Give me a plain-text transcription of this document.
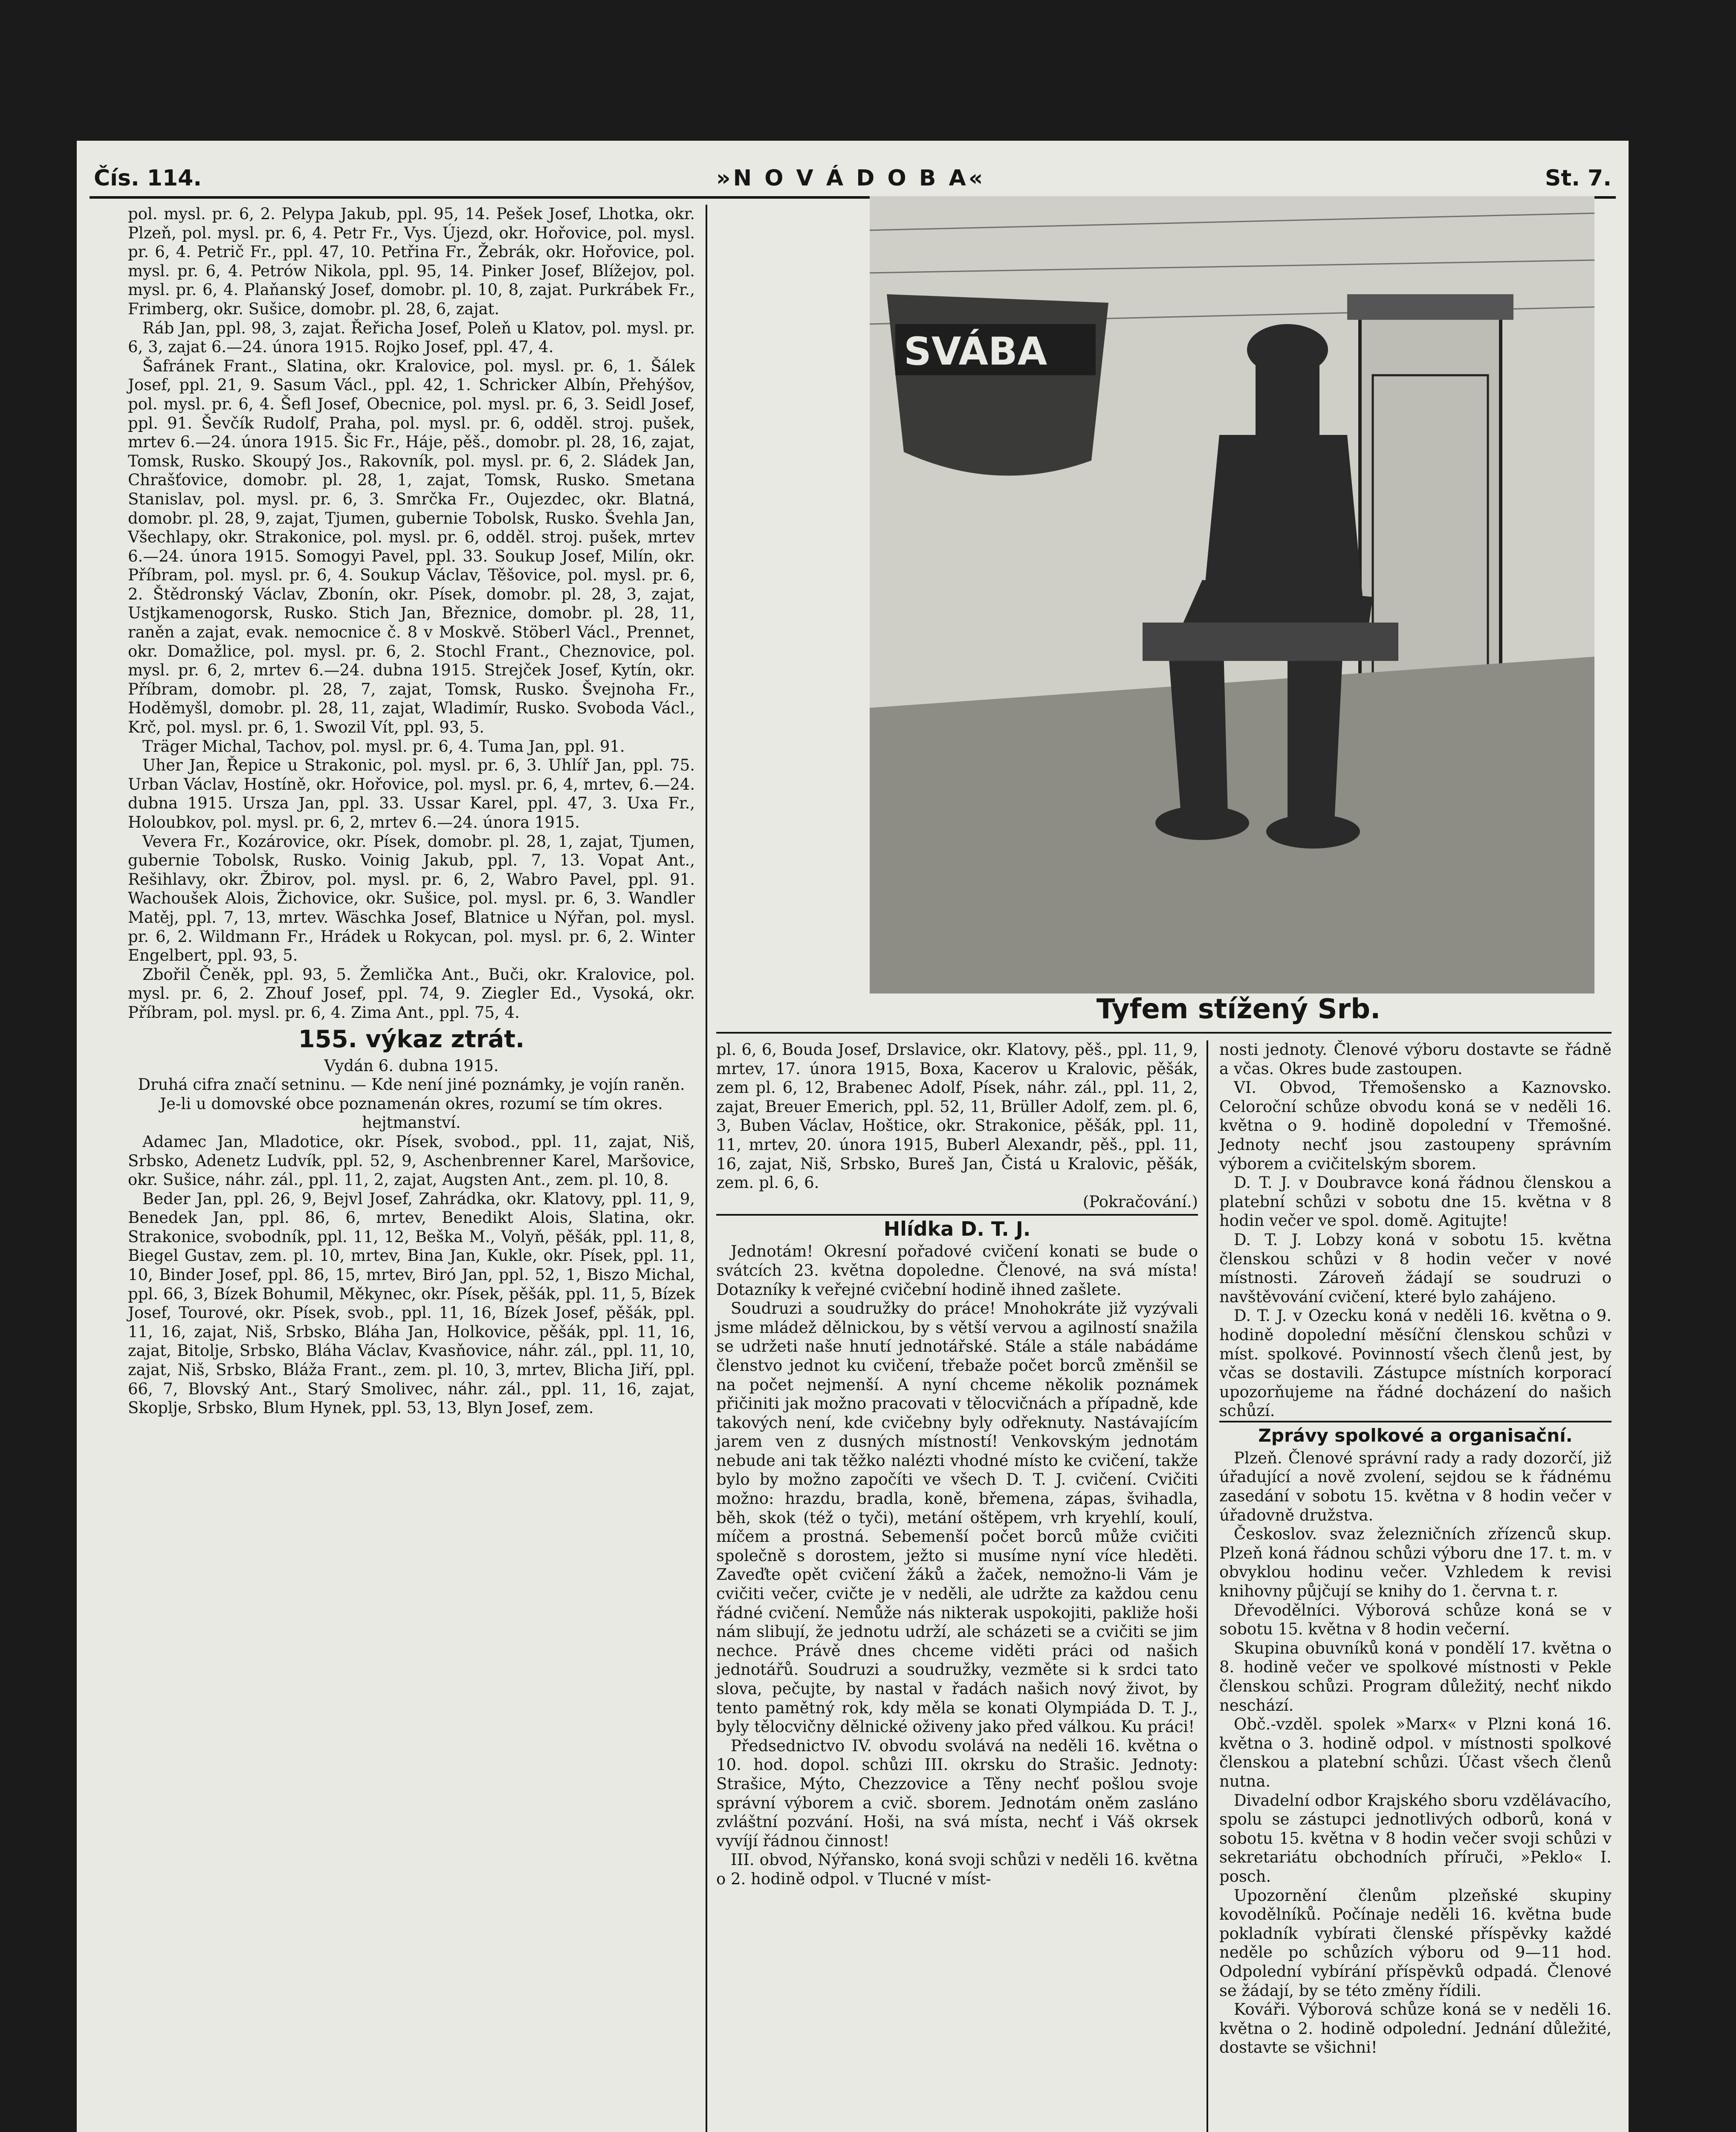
Čís. 114.	»N O V Á D O B A«	St. 7.

pol. mysl. pr. 6, 2. Pelypa Jakub, ppl. 95, 14. Pešek Josef, Lhotka, okr. Plzeň, pol. mysl. pr. 6, 4. Petr Fr., Vys. Újezd, okr. Hořovice, pol. mysl. pr. 6, 4. Petrič Fr., ppl. 47, 10. Petřina Fr., Žebrák, okr. Hořovice, pol. mysl. pr. 6, 4. Petrów Nikola, ppl. 95, 14. Pinker Josef, Blížejov, pol. mysl. pr. 6, 4. Plaňanský Josef, domobr. pl. 10, 8, zajat. Purkrábek Fr., Frimberg, okr. Sušice, domobr. pl. 28, 6, zajat.

Ráb Jan, ppl. 98, 3, zajat. Řeřicha Josef, Poleň u Klatov, pol. mysl. pr. 6, 3, zajat 6.—24. února 1915. Rojko Josef, ppl. 47, 4.

Šafránek Frant., Slatina, okr. Kralovice, pol. mysl. pr. 6, 1. Šálek Josef, ppl. 21, 9. Sasum Václ., ppl. 42, 1. Schricker Albín, Přehýšov, pol. mysl. pr. 6, 4. Šefl Josef, Obecnice, pol. mysl. pr. 6, 3. Seidl Josef, ppl. 91. Ševčík Rudolf, Praha, pol. mysl. pr. 6, odděl. stroj. pušek, mrtev 6.—24. února 1915. Šic Fr., Háje, pěš., domobr. pl. 28, 16, zajat, Tomsk, Rusko. Skoupý Jos., Rakovník, pol. mysl. pr. 6, 2. Sládek Jan, Chrašťovice, domobr. pl. 28, 1, zajat, Tomsk, Rusko. Smetana Stanislav, pol. mysl. pr. 6, 3. Smrčka Fr., Oujezdec, okr. Blatná, domobr. pl. 28, 9, zajat, Tjumen, gubernie Tobolsk, Rusko. Švehla Jan, Všechlapy, okr. Strakonice, pol. mysl. pr. 6, odděl. stroj. pušek, mrtev 6.—24. února 1915. Somogyi Pavel, ppl. 33. Soukup Josef, Milín, okr. Příbram, pol. mysl. pr. 6, 4. Soukup Václav, Těšovice, pol. mysl. pr. 6, 2. Štědronský Václav, Zbonín, okr. Písek, domobr. pl. 28, 3, zajat, Ustjkamenogorsk, Rusko. Stich Jan, Březnice, domobr. pl. 28, 11, raněn a zajat, evak. nemocnice č. 8 v Moskvě. Stöberl Václ., Prennet, okr. Domažlice, pol. mysl. pr. 6, 2. Stochl Frant., Cheznovice, pol. mysl. pr. 6, 2, mrtev 6.—24. dubna 1915. Strejček Josef, Kytín, okr. Příbram, domobr. pl. 28, 7, zajat, Tomsk, Rusko. Švejnoha Fr., Hoděmyšl, domobr. pl. 28, 11, zajat, Wladimír, Rusko. Svoboda Václ., Krč, pol. mysl. pr. 6, 1. Swozil Vít, ppl. 93, 5.

Träger Michal, Tachov, pol. mysl. pr. 6, 4. Tuma Jan, ppl. 91.

Uher Jan, Řepice u Strakonic, pol. mysl. pr. 6, 3. Uhlíř Jan, ppl. 75. Urban Václav, Hostíně, okr. Hořovice, pol. mysl. pr. 6, 4, mrtev, 6.—24. dubna 1915. Ursza Jan, ppl. 33. Ussar Karel, ppl. 47, 3. Uxa Fr., Holoubkov, pol. mysl. pr. 6, 2, mrtev 6.—24. února 1915.

Vevera Fr., Kozárovice, okr. Písek, domobr. pl. 28, 1, zajat, Tjumen, gubernie Tobolsk, Rusko. Voinig Jakub, ppl. 7, 13. Vopat Ant., Rešihlavy, okr. Žbirov, pol. mysl. pr. 6, 2, Wabro Pavel, ppl. 91. Wachoušek Alois, Žichovice, okr. Sušice, pol. mysl. pr. 6, 3. Wandler Matěj, ppl. 7, 13, mrtev. Wäschka Josef, Blatnice u Nýřan, pol. mysl. pr. 6, 2. Wildmann Fr., Hrádek u Rokycan, pol. mysl. pr. 6, 2. Winter Engelbert, ppl. 93, 5.

Zbořil Čeněk, ppl. 93, 5. Žemlička Ant., Buči, okr. Kralovice, pol. mysl. pr. 6, 2. Zhouf Josef, ppl. 74, 9. Ziegler Ed., Vysoká, okr. Příbram, pol. mysl. pr. 6, 4. Zima Ant., ppl. 75, 4.

155. výkaz ztrát.

Vydán 6. dubna 1915.

Druhá cifra značí setninu. — Kde není jiné poznámky, je vojín raněn.

Je-li u domovské obce poznamenán okres, rozumí se tím okres. hejtmanství.

Adamec Jan, Mladotice, okr. Písek, svobod., ppl. 11, zajat, Niš, Srbsko, Adenetz Ludvík, ppl. 52, 9, Aschenbrenner Karel, Maršovice, okr. Sušice, náhr. zál., ppl. 11, 2, zajat, Augsten Ant., zem. pl. 10, 8.

Beder Jan, ppl. 26, 9, Bejvl Josef, Zahrádka, okr. Klatovy, ppl. 11, 9, Benedek Jan, ppl. 86, 6, mrtev, Benedikt Alois, Slatina, okr. Strakonice, svobodník, ppl. 11, 12, Beška M., Volyň, pěšák, ppl. 11, 8, Biegel Gustav, zem. pl. 10, mrtev, Bina Jan, Kukle, okr. Písek, ppl. 11, 10, Binder Josef, ppl. 86, 15, mrtev, Biró Jan, ppl. 52, 1, Biszo Michal, ppl. 66, 3, Bízek Bohumil, Měkynec, okr. Písek, pěšák, ppl. 11, 5, Bízek Josef, Tourové, okr. Písek, svob., ppl. 11, 16, Bízek Josef, pěšák, ppl. 11, 16, zajat, Niš, Srbsko, Bláha Jan, Holkovice, pěšák, ppl. 11, 16, zajat, Bitolje, Srbsko, Bláha Václav, Kvasňovice, náhr. zál., ppl. 11, 10, zajat, Niš, Srbsko, Bláža Frant., zem. pl. 10, 3, mrtev, Blicha Jiří, ppl. 66, 7, Blovský Ant., Starý Smolivec, náhr. zál., ppl. 11, 16, zajat, Skoplje, Srbsko, Blum Hynek, ppl. 53, 13, Blyn Josef, zem.

SVÁBA
Tyfem stížený Srb.

pl. 6, 6, Bouda Josef, Drslavice, okr. Klatovy, pěš., ppl. 11, 9, mrtev, 17. února 1915, Boxa, Kacerov u Kralovic, pěšák, zem pl. 6, 12, Brabenec Adolf, Písek, náhr. zál., ppl. 11, 2, zajat, Breuer Emerich, ppl. 52, 11, Brüller Adolf, zem. pl. 6, 3, Buben Václav, Hoštice, okr. Strakonice, pěšák, ppl. 11, 11, mrtev, 20. února 1915, Buberl Alexandr, pěš., ppl. 11, 16, zajat, Niš, Srbsko, Bureš Jan, Čistá u Kralovic, pěšák, zem. pl. 6, 6.

(Pokračování.)

Hlídka D. T. J.

Jednotám! Okresní pořadové cvičení konati se bude o svátcích 23. května dopoledne. Členové, na svá místa! Dotazníky k veřejné cvičební hodině ihned zašlete.

Soudruzi a soudružky do práce! Mnohokráte již vyzývali jsme mládež dělnickou, by s větší vervou a agilností snažila se udržeti naše hnutí jednotářské. Stále a stále nabádáme členstvo jednot ku cvičení, třebaže počet borců změnšil se na počet nejmenší. A nyní chceme několik poznámek přičiniti jak možno pracovati v tělocvičnách a případně, kde takových není, kde cvičebny byly odřeknuty. Nastávajícím jarem ven z dusných místností! Venkovským jednotám nebude ani tak těžko nalézti vhodné místo ke cvičení, takže bylo by možno započíti ve všech D. T. J. cvičení. Cvičiti možno: hrazdu, bradla, koně, břemena, zápas, švihadla, běh, skok (též o tyči), metání oštěpem, vrh kryehlí, koulí, míčem a prostná. Sebemenší počet borců může cvičiti společně s dorostem, ježto si musíme nyní více hleděti. Zaveďte opět cvičení žáků a žaček, nemožno-li Vám je cvičiti večer, cvičte je v neděli, ale udržte za každou cenu řádné cvičení. Nemůže nás nikterak uspokojiti, pakliže hoši nám slibují, že jednotu udrží, ale scházeti se a cvičiti se jim nechce. Právě dnes chceme viděti práci od našich jednotářů. Soudruzi a soudružky, vezměte si k srdci tato slova, pečujte, by nastal v řadách našich nový život, by tento pamětný rok, kdy měla se konati Olympiáda D. T. J., byly tělocvičny dělnické oživeny jako před válkou. Ku práci!

Předsednictvo IV. obvodu svolává na neděli 16. května o 10. hod. dopol. schůzi III. okrsku do Strašic. Jednoty: Strašice, Mýto, Chezzovice a Těny nechť pošlou svoje správní výborem a cvič. sborem. Jednotám oněm zasláno zvláštní pozvání. Hoši, na svá místa, nechť i Váš okrsek vyvíjí řádnou činnost!

III. obvod, Nýřansko, koná svoji schůzi v neděli 16. května o 2. hodině odpol. v Tlucné v míst-

nosti jednoty. Členové výboru dostavte se řádně a včas. Okres bude zastoupen.

VI. Obvod, Třemošensko a Kaznovsko. Celoroční schůze obvodu koná se v neděli 16. května o 9. hodině dopolední v Třemošné. Jednoty nechť jsou zastoupeny správním výborem a cvičitelským sborem.

D. T. J. v Doubravce koná řádnou členskou a platební schůzi v sobotu dne 15. května v 8 hodin večer ve spol. domě. Agitujte!

D. T. J. Lobzy koná v sobotu 15. května členskou schůzi v 8 hodin večer v nové místnosti. Zároveň žádají se soudruzi o navštěvování cvičení, které bylo zahájeno.

D. T. J. v Ozecku koná v neděli 16. května o 9. hodině dopolední měsíční členskou schůzi v míst. spolkové. Povinností všech členů jest, by včas se dostavili. Zástupce místních korporací upozorňujeme na řádné docházení do našich schůzí.

Zprávy spolkové a organisační.

Plzeň. Členové správní rady a rady dozorčí, již úřadující a nově zvolení, sejdou se k řádnému zasedání v sobotu 15. května v 8 hodin večer v úřadovně družstva.

Českoslov. svaz železničních zřízenců skup. Plzeň koná řádnou schůzi výboru dne 17. t. m. v obvyklou hodinu večer. Vzhledem k revisi knihovny půjčují se knihy do 1. června t. r.

Dřevodělníci. Výborová schůze koná se v sobotu 15. května v 8 hodin večerní.

Skupina obuvníků koná v pondělí 17. května o 8. hodině večer ve spolkové místnosti v Pekle členskou schůzi. Program důležitý, nechť nikdo neschází.

Obč.-vzděl. spolek »Marx« v Plzni koná 16. května o 3. hodině odpol. v místnosti spolkové členskou a platební schůzi. Účast všech členů nutna.

Divadelní odbor Krajského sboru vzdělávacího, spolu se zástupci jednotlivých odborů, koná v sobotu 15. května v 8 hodin večer svoji schůzi v sekretariátu obchodních příruči, »Peklo« I. posch.

Upozornění členům plzeňské skupiny kovodělníků. Počínaje neděli 16. května bude pokladník vybírati členské příspěvky každé neděle po schůzích výboru od 9—11 hod. Odpolední vybírání příspěvků odpadá. Členové se žádají, by se této změny řídili.

Kováři. Výborová schůze koná se v neděli 16. května o 2. hodině odpolední. Jednání důležité, dostavte se všichni!
